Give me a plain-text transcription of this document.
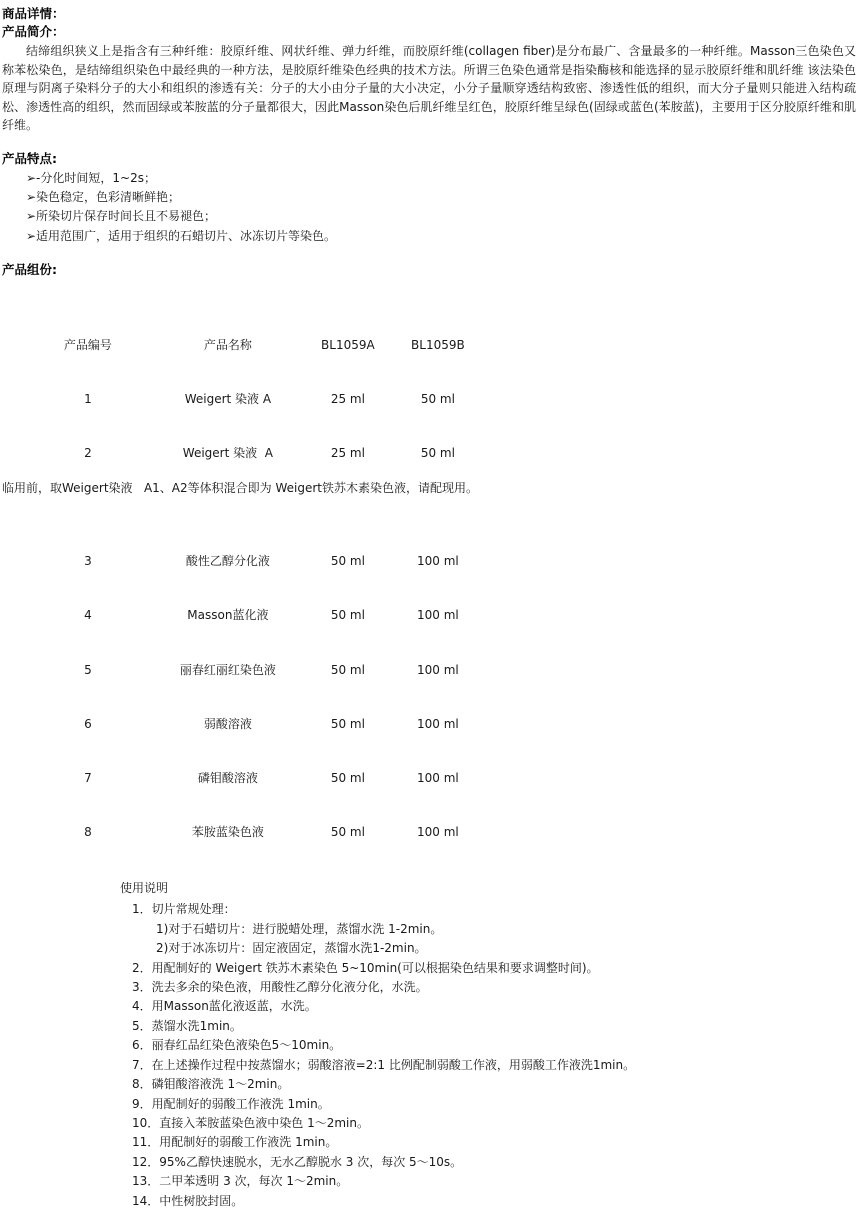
商品详情：
产品简介：
结缔组织狭义上是指含有三种纤维：胶原纤维、网状纤维、弹力纤维，而胶原纤维(collagen fiber)是分布最广、含量最多的一种纤维。Masson三色染色又称苯松染色，是结缔组织染色中最经典的一种方法，是胶原纤维染色经典的技术方法。所谓三色染色通常是指染酶核和能选择的显示胶原纤维和肌纤维 该法染色原理与阴离子染料分子的大小和组织的渗透有关：分子的大小由分子量的大小决定，小分子量顺穿透结构致密、渗透性低的组织，而大分子量则只能进入结构疏松、渗透性高的组织，然而固绿或苯胺蓝的分子量都很大，因此Masson染色后肌纤维呈红色，胶原纤维呈绿色(固绿或蓝色(苯胺蓝)，主要用于区分胶原纤维和肌纤维。
产品特点:
➢-分化时间短，1~2s；
➢染色稳定，色彩清晰鲜艳；
➢所染切片保存时间长且不易褪色；
➢适用范围广，适用于组织的石蜡切片、冰冻切片等染色。
产品组份:

产品编号	产品名称	BL1059A	BL1059B

1	Weigert 染液 A	25 ml	50 ml

2	Weigert 染液  A	25 ml	50 ml

临用前，取Weigert染液   A1、A2等体积混合即为 Weigert铁苏木素染色液，请配现用。

3	酸性乙醇分化液	50 ml	100 ml

4	Masson蓝化液	50 ml	100 ml

5	丽春红丽红染色液	50 ml	100 ml

6	弱酸溶液	50 ml	100 ml

7	磷钼酸溶液	50 ml	100 ml

8	苯胺蓝染色液	50 ml	100 ml

使用说明
1．切片常规处理：
1)对于石蜡切片：进行脱蜡处理，蒸馏水洗 1-2min。
2)对于冰冻切片：固定液固定，蒸馏水洗1-2min。
2．用配制好的 Weigert 铁苏木素染色 5~10min(可以根据染色结果和要求调整时间)。
3．洗去多余的染色液，用酸性乙醇分化液分化，水洗。
4．用Masson蓝化液返蓝，水洗。
5．蒸馏水洗1min。
6．丽春红品红染色液染色5～10min。
7．在上述操作过程中按蒸馏水；弱酸溶液=2:1 比例配制弱酸工作液，用弱酸工作液洗1min。
8．磷钼酸溶液洗 1～2min。
9．用配制好的弱酸工作液洗 1min。
10．直接入苯胺蓝染色液中染色 1～2min。
11．用配制好的弱酸工作液洗 1min。
12．95%乙醇快速脱水，无水乙醇脱水 3 次，每次 5～10s。
13．二甲苯透明 3 次，每次 1～2min。
14．中性树胶封固。
